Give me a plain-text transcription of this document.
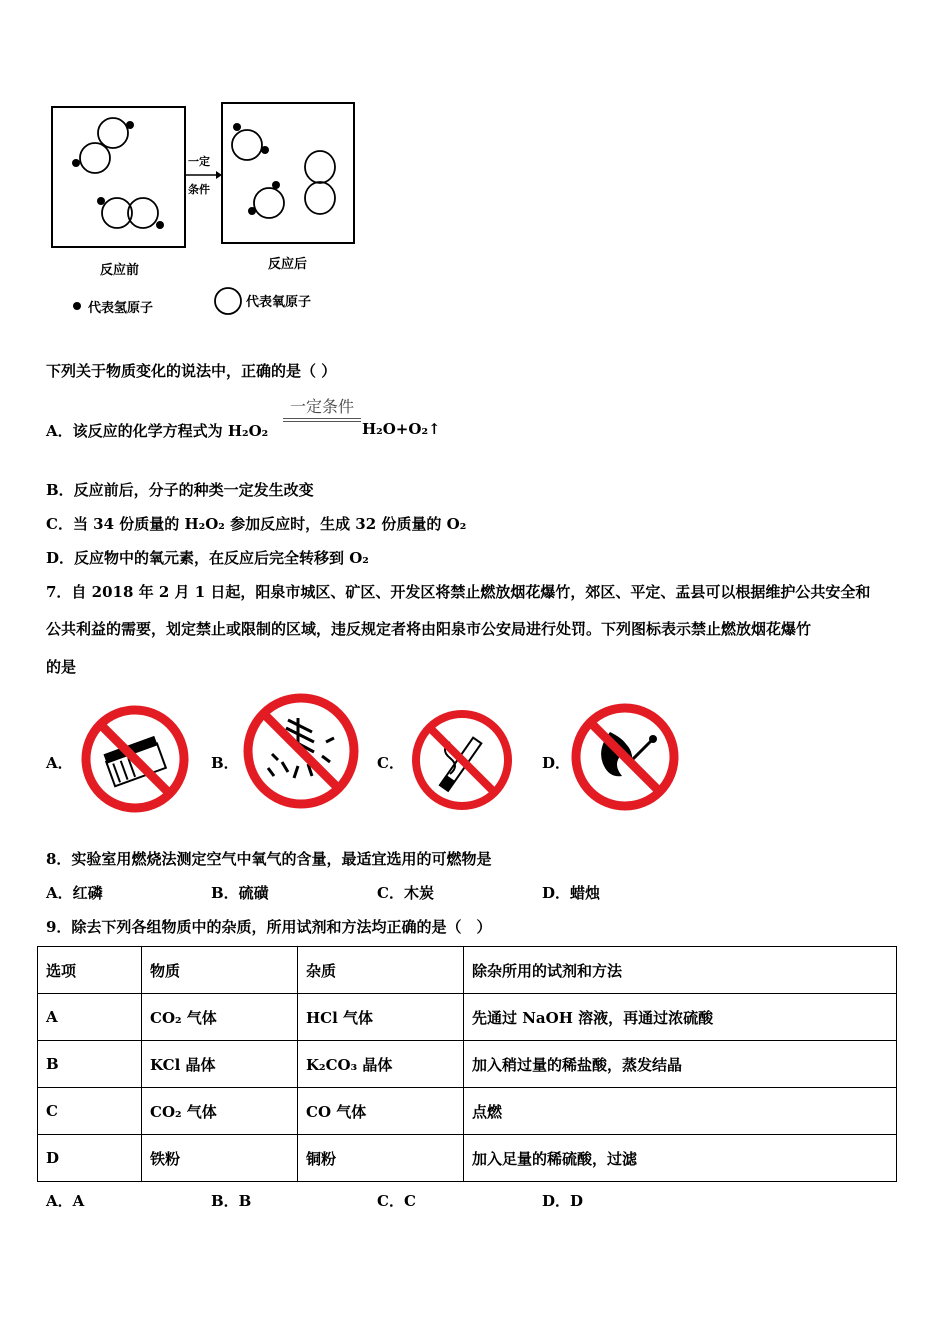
一定
条件
反应前	反应后
代表氢原子	代表氧原子
下列关于物质变化的说法中，正确的是（ ）
A．该反应的化学方程式为 H₂O₂
一定条件
H₂O+O₂↑
B．反应前后，分子的种类一定发生改变
C．当 34 份质量的 H₂O₂ 参加反应时，生成 32 份质量的 O₂
D．反应物中的氧元素，在反应后完全转移到 O₂
7．自 2018 年 2 月 1 日起，阳泉市城区、矿区、开发区将禁止燃放烟花爆竹，郊区、平定、盂县可以根据维护公共安全和
公共利益的需要，划定禁止或限制的区域，违反规定者将由阳泉市公安局进行处罚。下列图标表示禁止燃放烟花爆竹
的是
A．	B．	C．	D．
8．实验室用燃烧法测定空气中氧气的含量，最适宜选用的可燃物是
A．红磷	B．硫磺	C．木炭	D．蜡烛
9．除去下列各组物质中的杂质，所用试剂和方法均正确的是（　）
选项	物质	杂质	除杂所用的试剂和方法
A	CO₂ 气体	HCl 气体	先通过 NaOH 溶液，再通过浓硫酸
B	KCl 晶体	K₂CO₃ 晶体	加入稍过量的稀盐酸，蒸发结晶
C	CO₂ 气体	CO 气体	点燃
D	铁粉	铜粉	加入足量的稀硫酸，过滤
A．A	B．B	C．C	D．D
